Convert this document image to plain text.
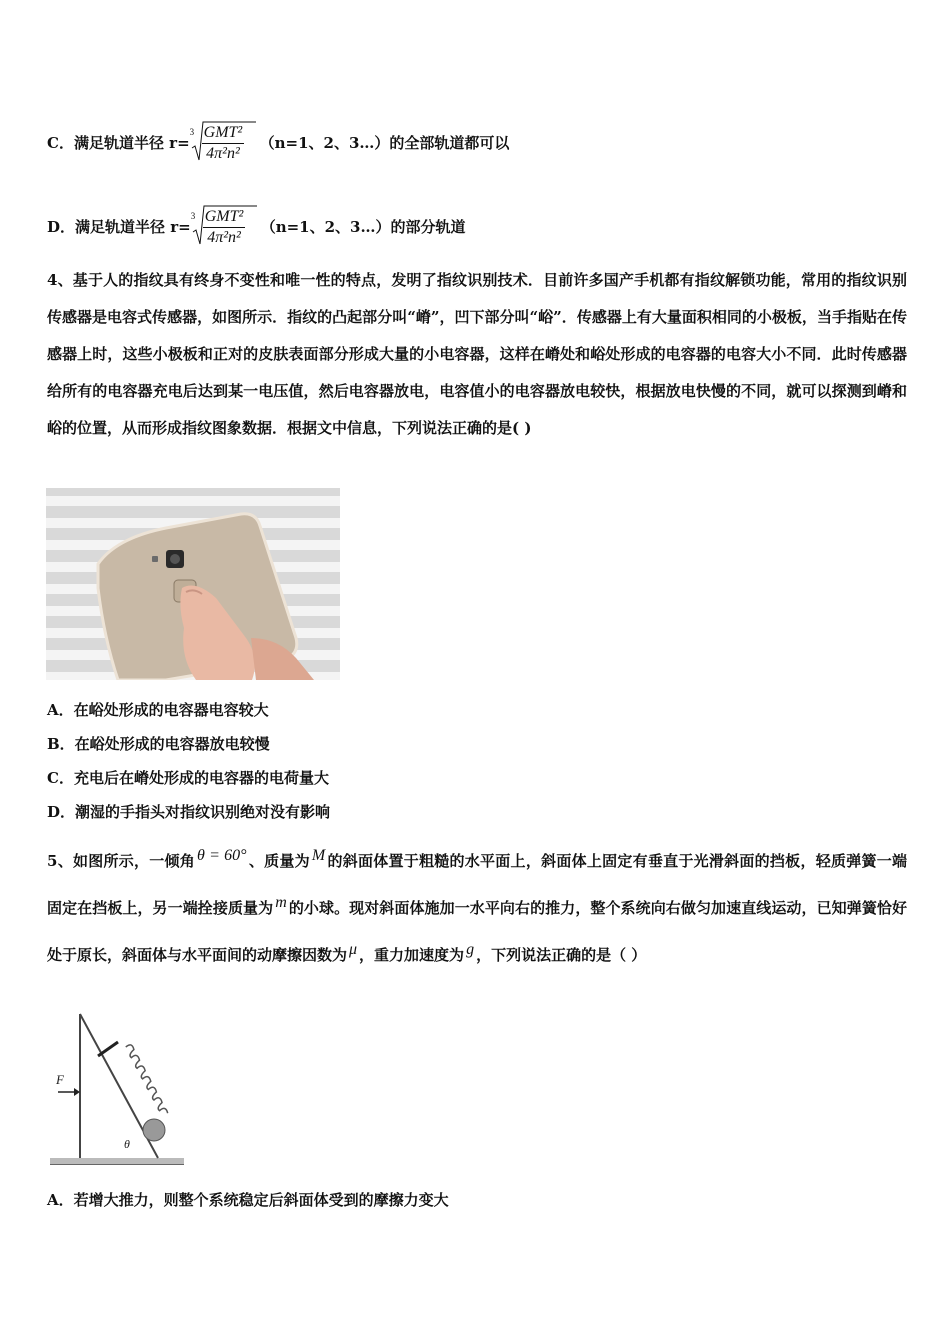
C．满足轨道半径 r=
3 GMT²
4π²n²
（n=1、2、3…）的全部轨道都可以
D．满足轨道半径 r=
3 GMT²
4π²n²
（n=1、2、3…）的部分轨道
4、基于人的指纹具有终身不变性和唯一性的特点，发明了指纹识别技术．目前许多国产手机都有指纹解锁功能，常用的指纹识别传感器是电容式传感器，如图所示．指纹的凸起部分叫“嵴”，凹下部分叫“峪”．传感器上有大量面积相同的小极板，当手指贴在传感器上时，这些小极板和正对的皮肤表面部分形成大量的小电容器，这样在嵴处和峪处形成的电容器的电容大小不同．此时传感器给所有的电容器充电后达到某一电压值，然后电容器放电，电容值小的电容器放电较快，根据放电快慢的不同，就可以探测到嵴和峪的位置，从而形成指纹图象数据．根据文中信息，下列说法正确的是( )
A．在峪处形成的电容器电容较大
B．在峪处形成的电容器放电较慢
C．充电后在嵴处形成的电容器的电荷量大
D．潮湿的手指头对指纹识别绝对没有影响
5、如图所示，一倾角 θ = 60° 、质量为 M 的斜面体置于粗糙的水平面上，斜面体上固定有垂直于光滑斜面的挡板，轻质弹簧一端固定在挡板上，另一端拴接质量为 m 的小球。现对斜面体施加一水平向右的推力，整个系统向右做匀加速直线运动，已知弹簧恰好处于原长，斜面体与水平面间的动摩擦因数为 μ ，重力加速度为 g ，下列说法正确的是（ ）
F
θ
A．若增大推力，则整个系统稳定后斜面体受到的摩擦力变大
